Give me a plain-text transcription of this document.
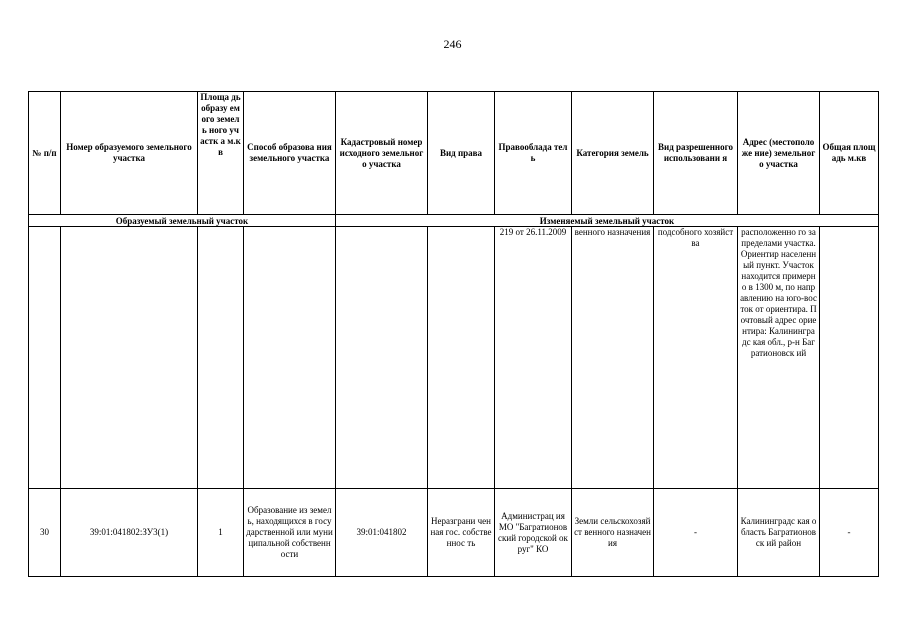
246
№ п/п	Номер образуемого земельного участка	Площа дь образу емого земель ного участк а м.кв	Способ образова ния земельного участка	Кадастровый номер исходного земельного участка	Вид права	Правооблада тель	Категория земель	Вид разрешенного использовани я	Адрес (местоположе ние) земельного участка	Общая площадь м.кв
Образуемый земельный участок				Изменяемый земельный участок						
						219 от 26.11.2009	венного назначения	подсобного хозяйства	расположенно го за пределами участка. Ориентир населенный пункт. Участок находится примерно в 1300 м, по направлению на юго-восток от ориентира. Почтовый адрес ориентира: Калининградс кая обл., р-н Багратионовск ий	
30	39:01:041802:ЗУ3(1)	1	Образование из земель, находящихся в государственной или муниципальной собственности	39:01:041802	Неразграни ченная гос. собственнос ть	Администрац ия МО "Багратионов ский городской округ" КО	Земли сельскохозяйст венного назначения	-	Калининградс кая область Багратионовск ий район	-
